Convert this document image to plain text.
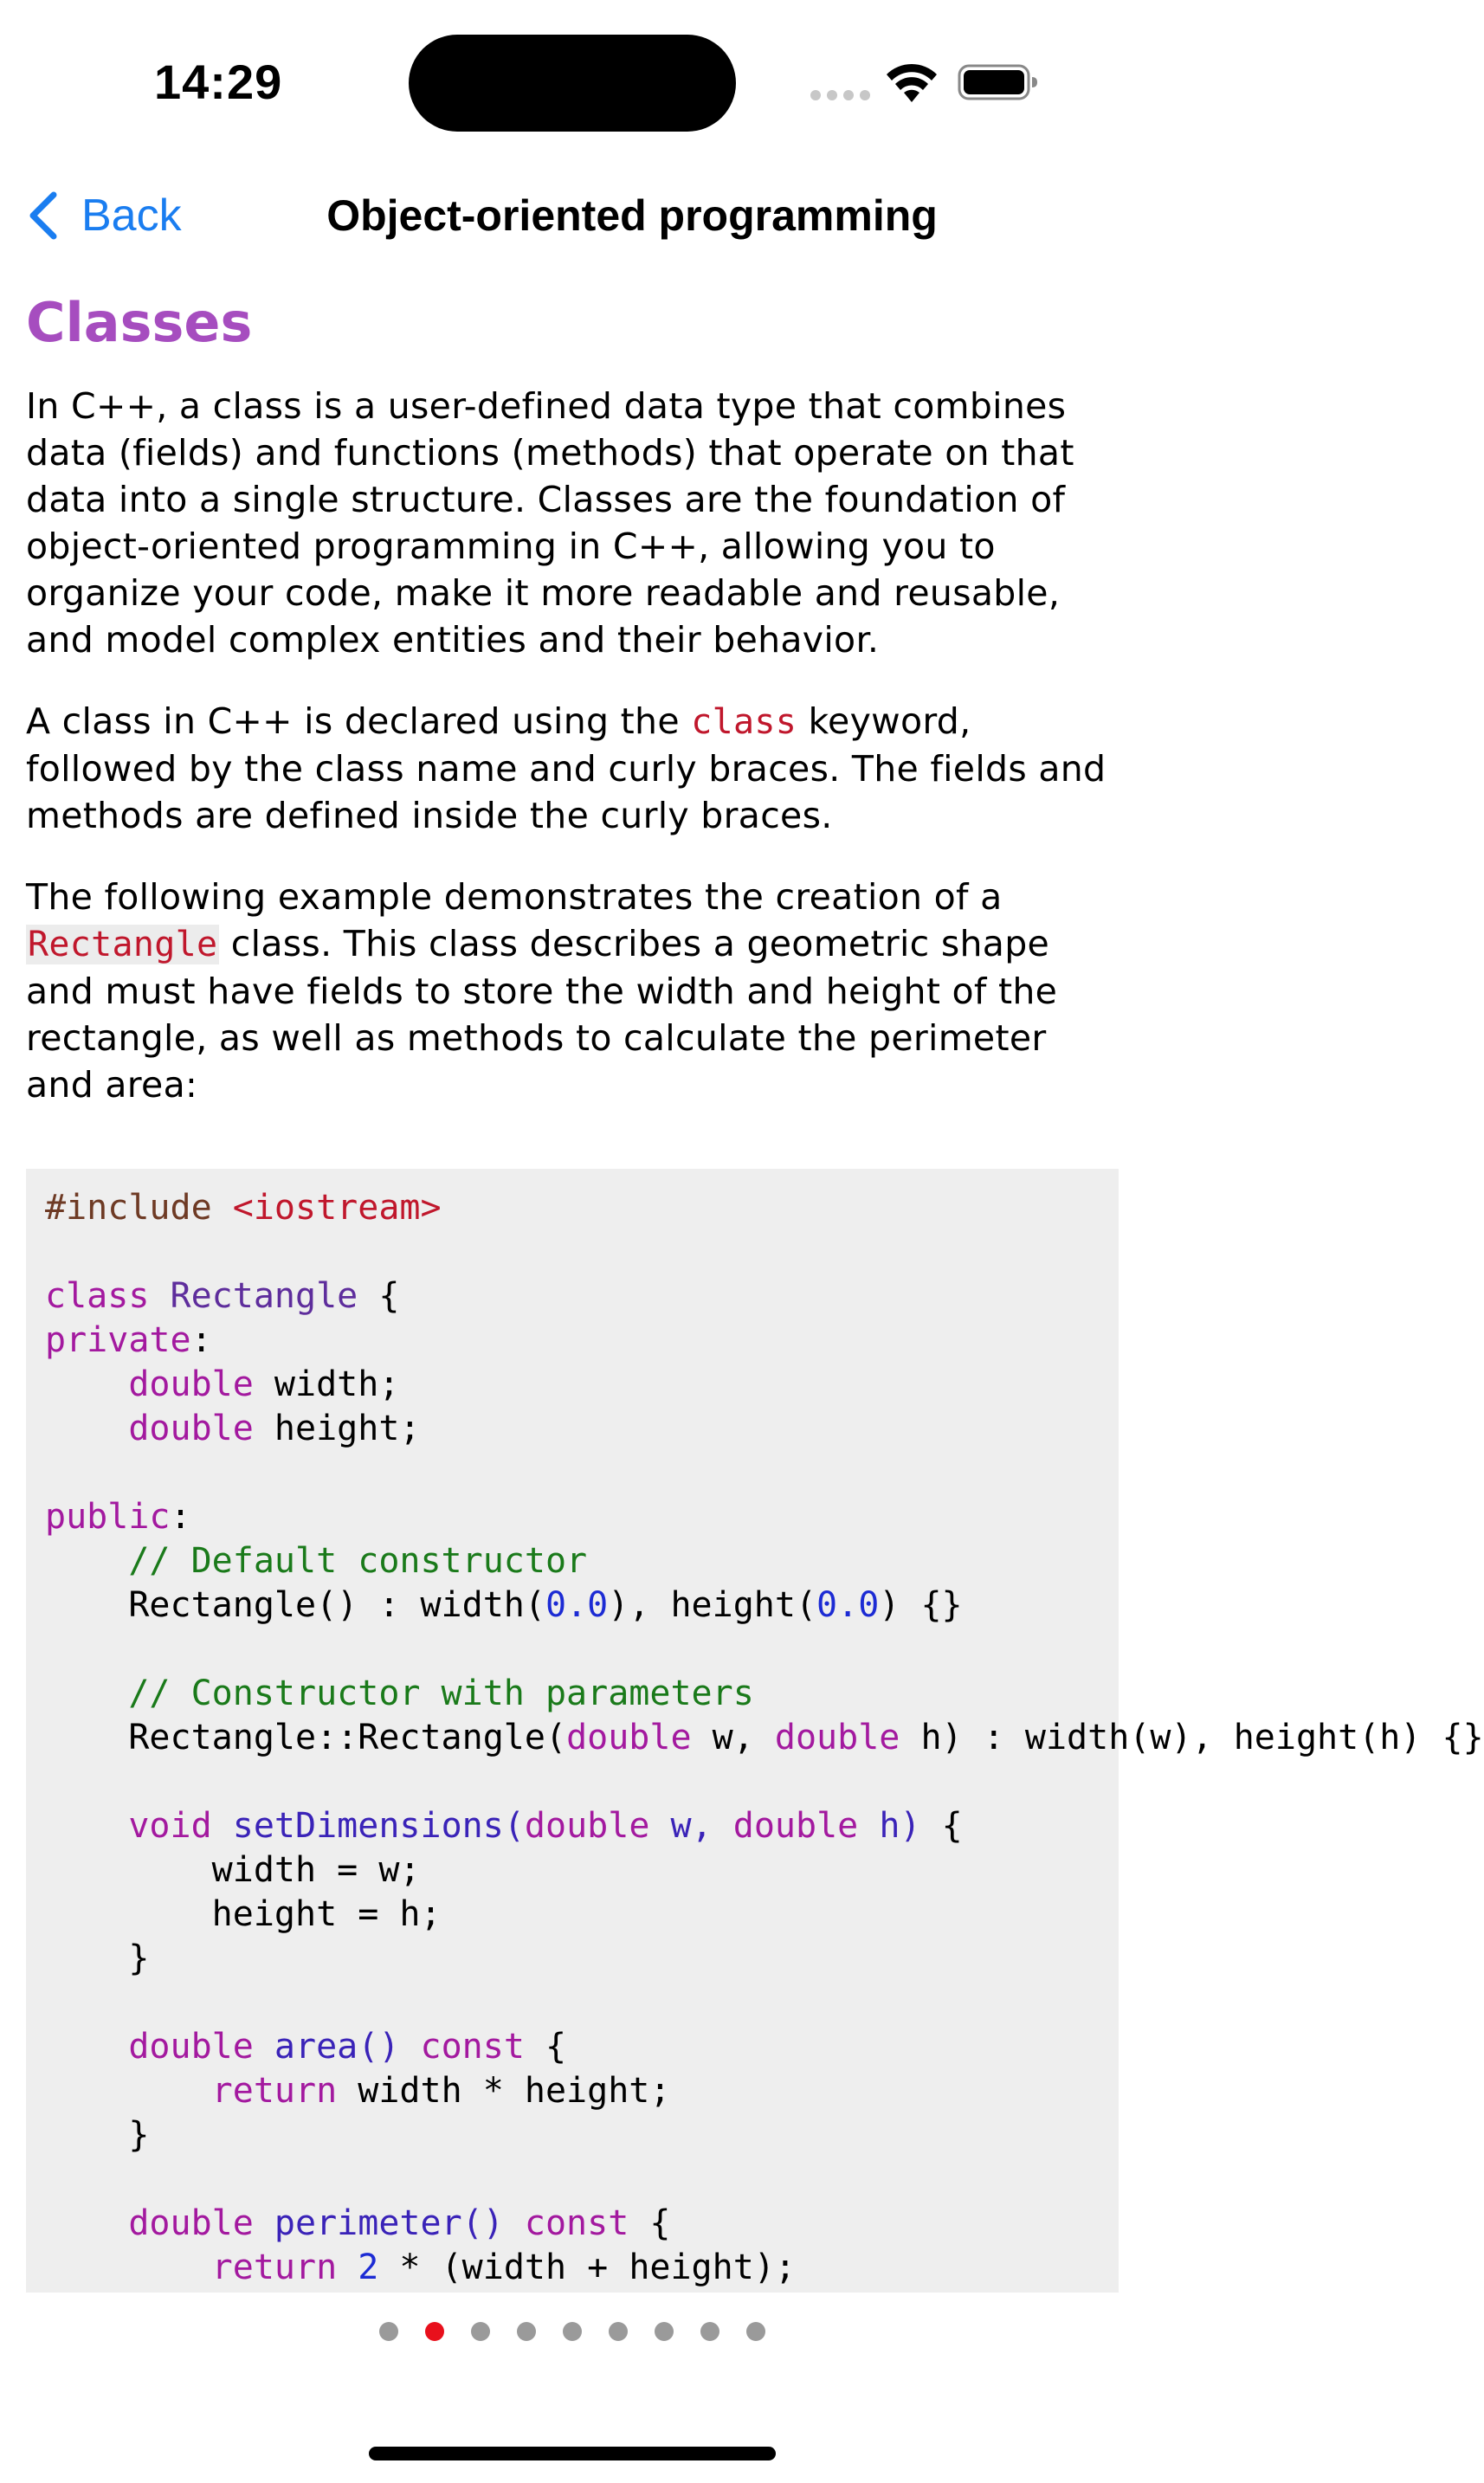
14:29
Back	Object-oriented programming
Classes

In C++, a class is a user-defined data type that combines data (fields) and functions (methods) that operate on that data into a single structure. Classes are the foundation of object-oriented programming in C++, allowing you to organize your code, make it more readable and reusable, and model complex entities and their behavior.

A class in C++ is declared using the class keyword, followed by the class name and curly braces. The fields and methods are defined inside the curly braces.

The following example demonstrates the creation of a Rectangle class. This class describes a geometric shape and must have fields to store the width and height of the rectangle, as well as methods to calculate the perimeter and area:

#include <iostream>

class Rectangle {
private:
double width;
double height;

public:
// Default constructor
Rectangle() : width(0.0), height(0.0) {}

// Constructor with parameters
Rectangle::Rectangle(double w, double h) : width(w), height(h) {}

void setDimensions(double w, double h) {
width = w;
height = h;
}

double area() const {
return width * height;
}

double perimeter() const {
return 2 * (width + height);
